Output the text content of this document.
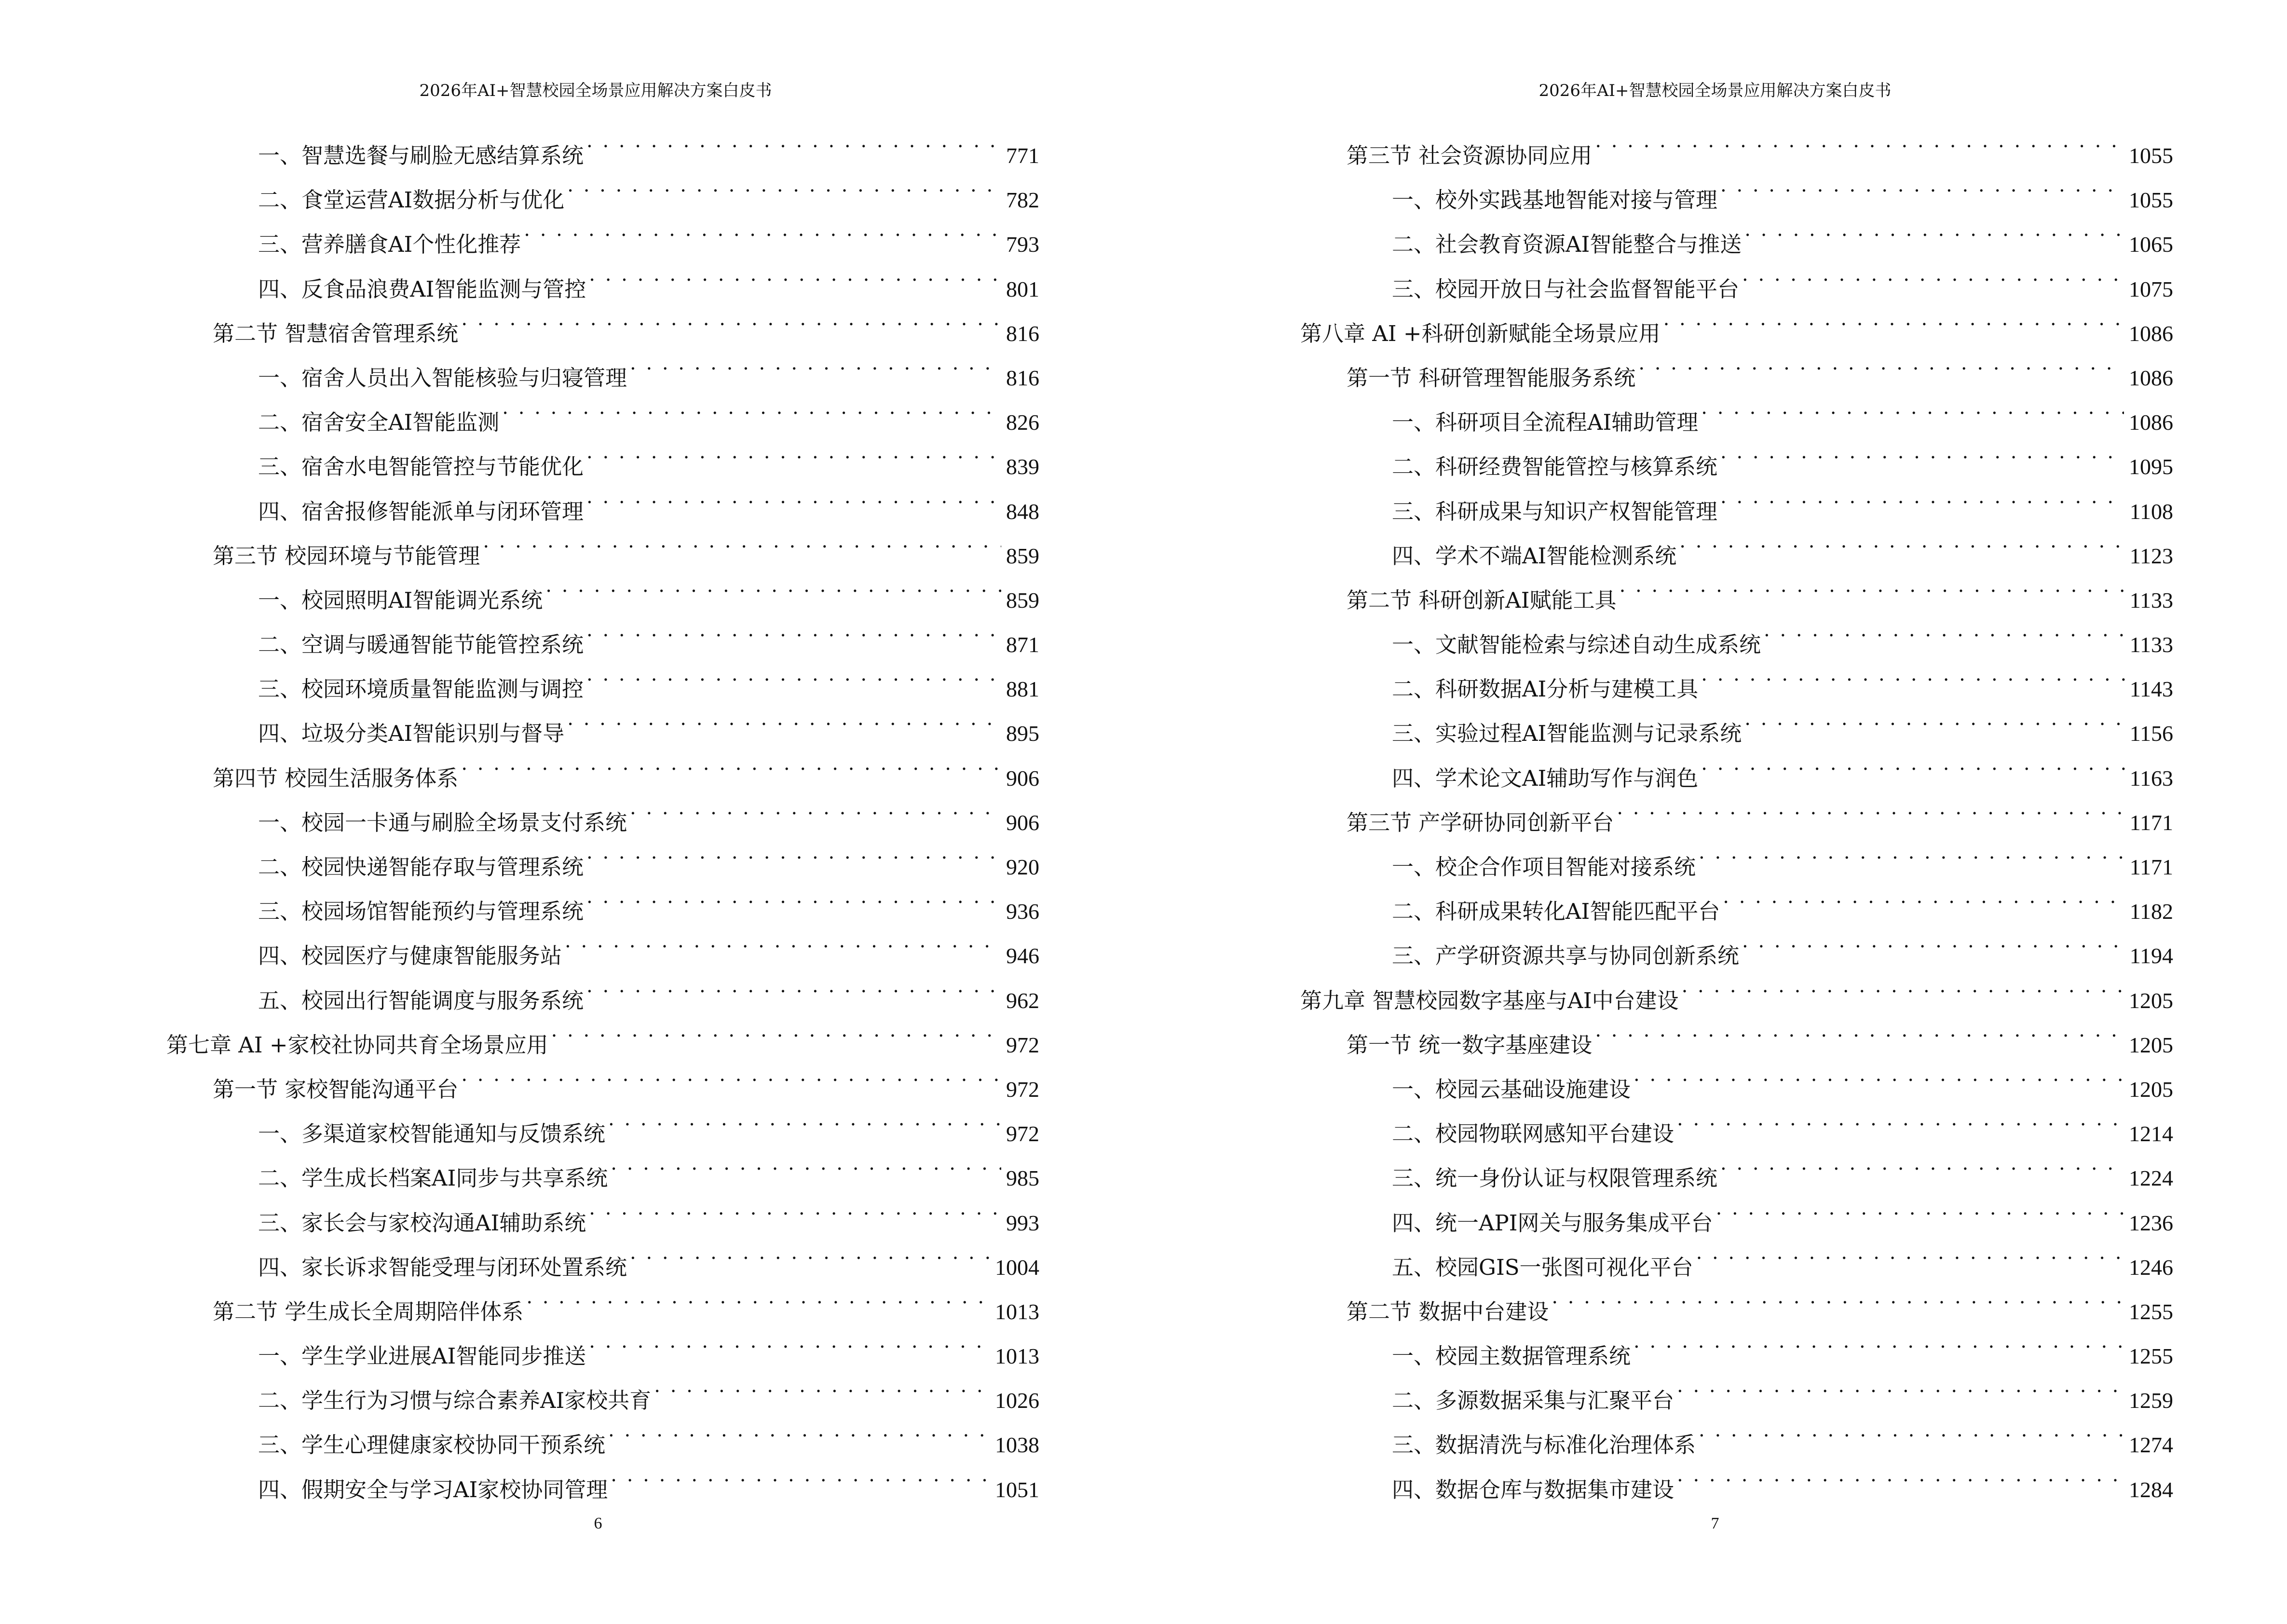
2026年AI+智慧校园全场景应用解决方案白皮书
一、智慧选餐与刷脸无感结算系统 . . .	771
二、食堂运营AI数据分析与优化 . . .	782
三、营养膳食AI个性化推荐 . . .	793
四、反食品浪费AI智能监测与管控 . . .	801
第二节 智慧宿舍管理系统 . . .	816
一、宿舍人员出入智能核验与归寝管理 . . .	816
二、宿舍安全AI智能监测 . . .	826
三、宿舍水电智能管控与节能优化 . . .	839
四、宿舍报修智能派单与闭环管理 . . .	848
第三节 校园环境与节能管理 . . .	859
一、校园照明AI智能调光系统 . . .	859
二、空调与暖通智能节能管控系统 . . .	871
三、校园环境质量智能监测与调控 . . .	881
四、垃圾分类AI智能识别与督导 . . .	895
第四节 校园生活服务体系 . . .	906
一、校园一卡通与刷脸全场景支付系统 . . .	906
二、校园快递智能存取与管理系统 . . .	920
三、校园场馆智能预约与管理系统 . . .	936
四、校园医疗与健康智能服务站 . . .	946
五、校园出行智能调度与服务系统 . . .	962
第七章 AI +家校社协同共育全场景应用 . . .	972
第一节 家校智能沟通平台 . . .	972
一、多渠道家校智能通知与反馈系统 . . .	972
二、学生成长档案AI同步与共享系统 . . .	985
三、家长会与家校沟通AI辅助系统 . . .	993
四、家长诉求智能受理与闭环处置系统 . . .	1004
第二节 学生成长全周期陪伴体系 . . .	1013
一、学生学业进展AI智能同步推送 . . .	1013
二、学生行为习惯与综合素养AI家校共育 . . .	1026
三、学生心理健康家校协同干预系统 . . .	1038
四、假期安全与学习AI家校协同管理 . . .	1051
6
2026年AI+智慧校园全场景应用解决方案白皮书
第三节 社会资源协同应用 . . .	1055
一、校外实践基地智能对接与管理 . . .	1055
二、社会教育资源AI智能整合与推送 . . .	1065
三、校园开放日与社会监督智能平台 . . .	1075
第八章 AI +科研创新赋能全场景应用 . . .	1086
第一节 科研管理智能服务系统 . . .	1086
一、科研项目全流程AI辅助管理 . . .	1086
二、科研经费智能管控与核算系统 . . .	1095
三、科研成果与知识产权智能管理 . . .	1108
四、学术不端AI智能检测系统 . . .	1123
第二节 科研创新AI赋能工具 . . .	1133
一、文献智能检索与综述自动生成系统 . . .	1133
二、科研数据AI分析与建模工具 . . .	1143
三、实验过程AI智能监测与记录系统 . . .	1156
四、学术论文AI辅助写作与润色 . . .	1163
第三节 产学研协同创新平台 . . .	1171
一、校企合作项目智能对接系统 . . .	1171
二、科研成果转化AI智能匹配平台 . . .	1182
三、产学研资源共享与协同创新系统 . . .	1194
第九章 智慧校园数字基座与AI中台建设 . . .	1205
第一节 统一数字基座建设 . . .	1205
一、校园云基础设施建设 . . .	1205
二、校园物联网感知平台建设 . . .	1214
三、统一身份认证与权限管理系统 . . .	1224
四、统一API网关与服务集成平台 . . .	1236
五、校园GIS一张图可视化平台 . . .	1246
第二节 数据中台建设 . . .	1255
一、校园主数据管理系统 . . .	1255
二、多源数据采集与汇聚平台 . . .	1259
三、数据清洗与标准化治理体系 . . .	1274
四、数据仓库与数据集市建设 . . .	1284
7
